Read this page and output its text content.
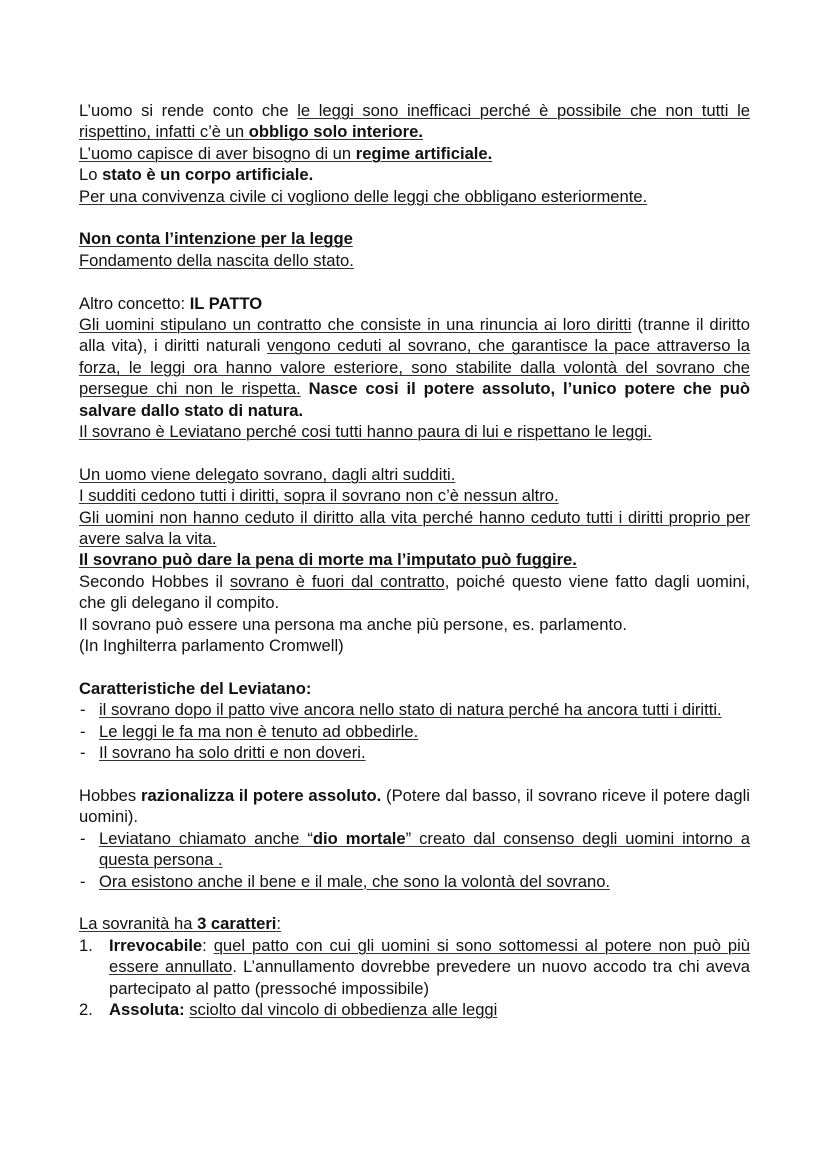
L’uomo si rende conto che le leggi sono inefficaci perché è possibile che non tutti le rispettino, infatti c’è un obbligo solo interiore.

L’uomo capisce di aver bisogno di un regime artificiale.

Lo stato è un corpo artificiale.

Per una convivenza civile ci vogliono delle leggi che obbligano esteriormente.

Non conta l’intenzione per la legge

Fondamento della nascita dello stato.

Altro concetto: IL PATTO

Gli uomini stipulano un contratto che consiste in una rinuncia ai loro diritti (tranne il diritto alla vita), i diritti naturali vengono ceduti al sovrano, che garantisce la pace attraverso la forza, le leggi ora hanno valore esteriore, sono stabilite dalla volontà del sovrano che persegue chi non le rispetta. Nasce cosi il potere assoluto, l’unico potere che può salvare dallo stato di natura.

Il sovrano è Leviatano perché cosi tutti hanno paura di lui e rispettano le leggi.

Un uomo viene delegato sovrano, dagli altri sudditi.

I sudditi cedono tutti i diritti, sopra il sovrano non c’è nessun altro.

Gli uomini non hanno ceduto il diritto alla vita perché hanno ceduto tutti i diritti proprio per avere salva la vita.

Il sovrano può dare la pena di morte ma l’imputato può fuggire.

Secondo Hobbes il sovrano è fuori dal contratto, poiché questo viene fatto dagli uomini, che gli delegano il compito.

Il sovrano può essere una persona ma anche più persone, es. parlamento.

(In Inghilterra parlamento Cromwell)

Caratteristiche del Leviatano:

- il sovrano dopo il patto vive ancora nello stato di natura perché ha ancora tutti i diritti.

- Le leggi le fa ma non è tenuto ad obbedirle.

- Il sovrano ha solo dritti e non doveri.

Hobbes razionalizza il potere assoluto. (Potere dal basso, il sovrano riceve il potere dagli uomini).

- Leviatano chiamato anche “dio mortale” creato dal consenso degli uomini intorno a questa persona .

- Ora esistono anche il bene e il male, che sono la volontà del sovrano.

La sovranità ha 3 caratteri:

1. Irrevocabile: quel patto con cui gli uomini si sono sottomessi al potere non può più essere annullato. L’annullamento dovrebbe prevedere un nuovo accodo tra chi aveva partecipato al patto (pressoché impossibile)

2. Assoluta: sciolto dal vincolo di obbedienza alle leggi
